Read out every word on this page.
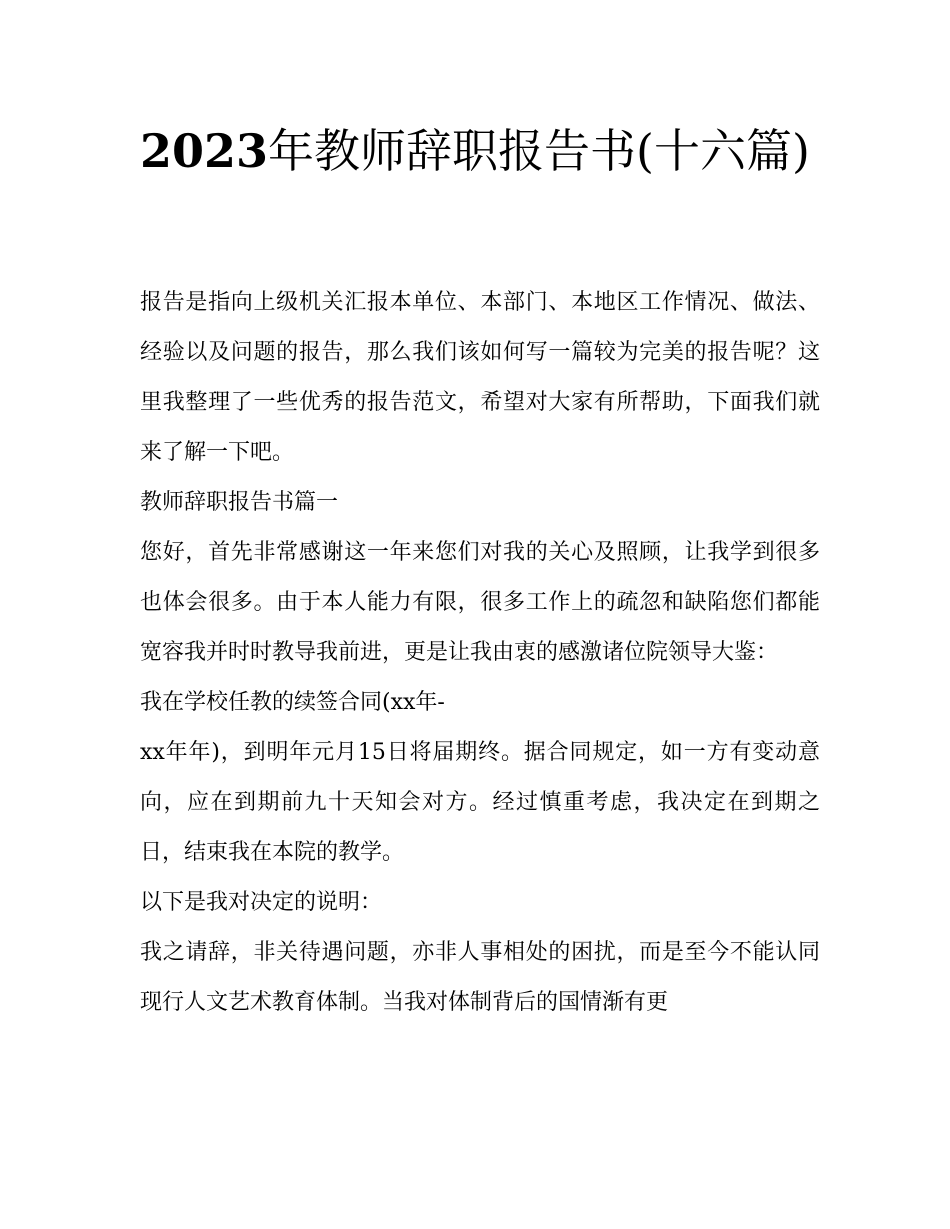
2023年教师辞职报告书(十六篇)

报告是指向上级机关汇报本单位、本部门、本地区工作情况、做法、经验以及问题的报告，那么我们该如何写一篇较为完美的报告呢？这里我整理了一些优秀的报告范文，希望对大家有所帮助，下面我们就来了解一下吧。

教师辞职报告书篇一

您好，首先非常感谢这一年来您们对我的关心及照顾，让我学到很多也体会很多。由于本人能力有限，很多工作上的疏忽和缺陷您们都能宽容我并时时教导我前进，更是让我由衷的感激诸位院领导大鉴：

我在学校任教的续签合同(xx年-

xx年年)，到明年元月15日将届期终。据合同规定，如一方有变动意向，应在到期前九十天知会对方。经过慎重考虑，我决定在到期之日，结束我在本院的教学。

以下是我对决定的说明：

我之请辞，非关待遇问题，亦非人事相处的困扰，而是至今不能认同现行人文艺术教育体制。当我对体制背后的国情渐有更
